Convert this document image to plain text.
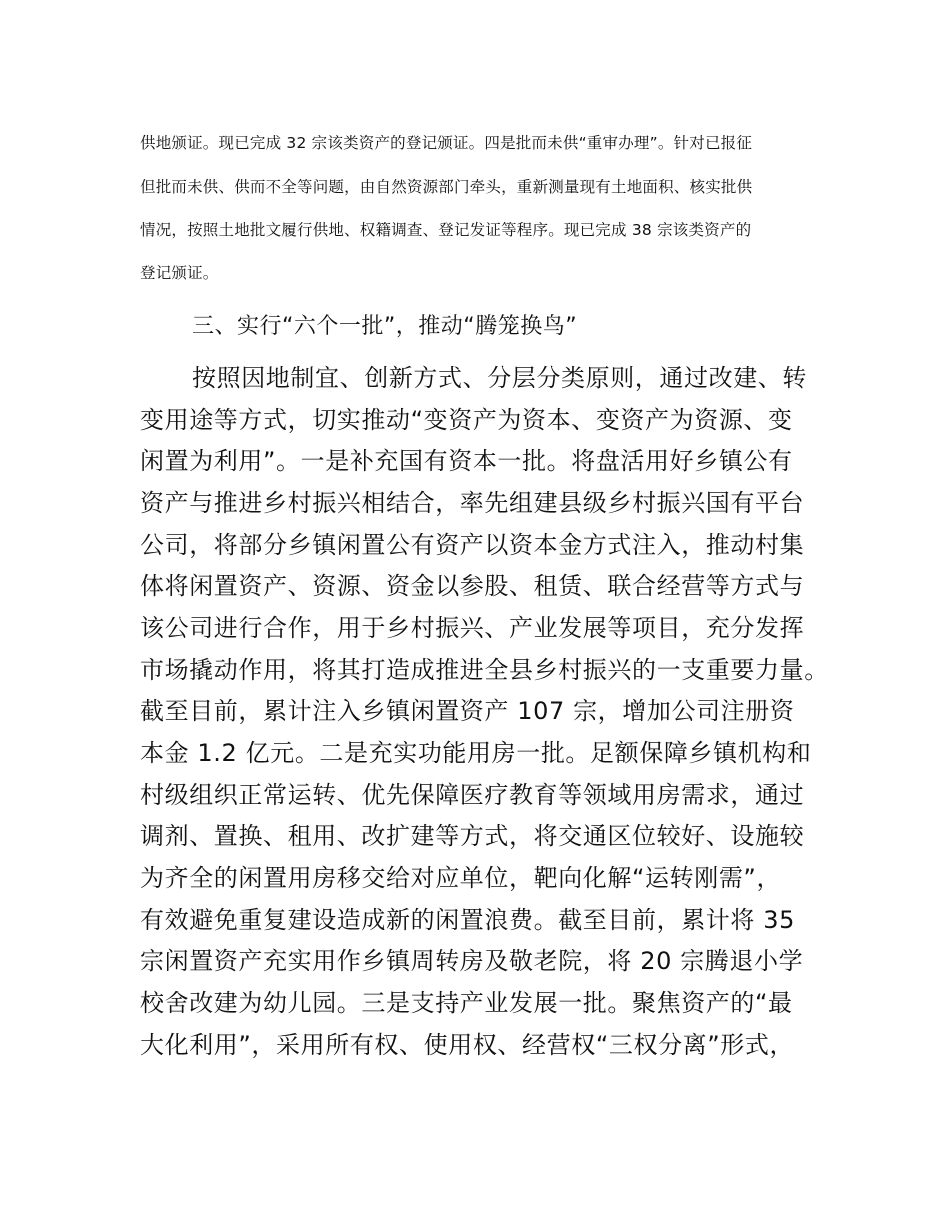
供地颁证。现已完成 32 宗该类资产的登记颁证。四是批而未供“重审办理”。针对已报征

但批而未供、供而不全等问题，由自然资源部门牵头，重新测量现有土地面积、核实批供

情况，按照土地批文履行供地、权籍调查、登记发证等程序。现已完成 38 宗该类资产的

登记颁证。

三、实行“六个一批”，推动“腾笼换鸟”

按照因地制宜、创新方式、分层分类原则，通过改建、转

变用途等方式，切实推动“变资产为资本、变资产为资源、变

闲置为利用”。一是补充国有资本一批。将盘活用好乡镇公有

资产与推进乡村振兴相结合，率先组建县级乡村振兴国有平台

公司，将部分乡镇闲置公有资产以资本金方式注入，推动村集

体将闲置资产、资源、资金以参股、租赁、联合经营等方式与

该公司进行合作，用于乡村振兴、产业发展等项目，充分发挥

市场撬动作用，将其打造成推进全县乡村振兴的一支重要力量。

截至目前，累计注入乡镇闲置资产 107 宗，增加公司注册资

本金 1.2 亿元。二是充实功能用房一批。足额保障乡镇机构和

村级组织正常运转、优先保障医疗教育等领域用房需求，通过

调剂、置换、租用、改扩建等方式，将交通区位较好、设施较

为齐全的闲置用房移交给对应单位，靶向化解“运转刚需”，

有效避免重复建设造成新的闲置浪费。截至目前，累计将 35

宗闲置资产充实用作乡镇周转房及敬老院，将 20 宗腾退小学

校舍改建为幼儿园。三是支持产业发展一批。聚焦资产的“最

大化利用”，采用所有权、使用权、经营权“三权分离”形式，
